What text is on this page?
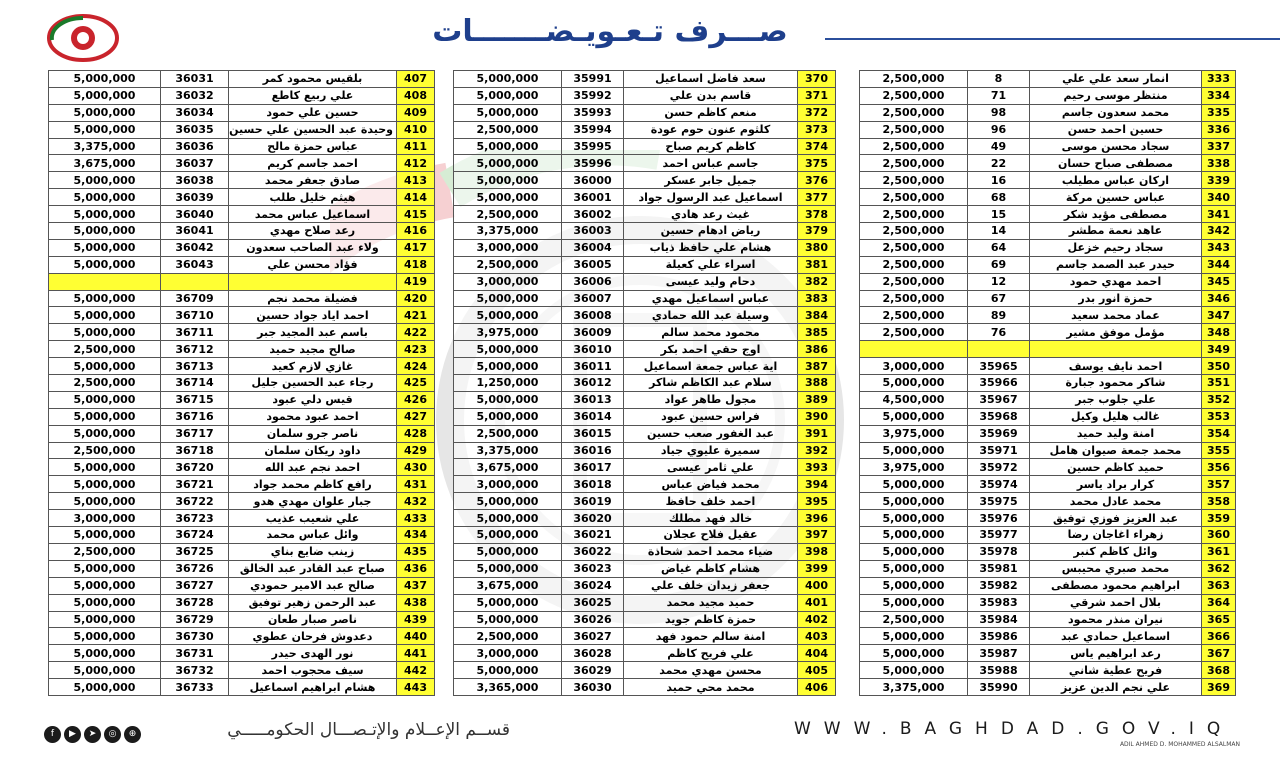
صـــرف تـعـويـضـــــــات
407	بلقيس محمود كمر	36031	5,000,000
408	علي ربيع كاطع	36032	5,000,000
409	حسين علي حمود	36034	5,000,000
410	وحيدة عبد الحسين علي حسين	36035	5,000,000
411	عباس حمزة مالح	36036	3,375,000
412	احمد جاسم كريم	36037	3,675,000
413	صادق جعفر محمد	36038	5,000,000
414	هيثم خليل طلب	36039	5,000,000
415	اسماعيل عباس محمد	36040	5,000,000
416	رعد صلاح مهدي	36041	5,000,000
417	ولاء عبد الصاحب سعدون	36042	5,000,000
418	فؤاد محسن علي	36043	5,000,000
419			
420	فضيلة محمد نجم	36709	5,000,000
421	احمد اياد جواد حسين	36710	5,000,000
422	باسم عبد المجيد جبر	36711	5,000,000
423	صالح مجيد حميد	36712	2,500,000
424	غازي لازم كعيد	36713	5,000,000
425	رجاء عبد الحسين جليل	36714	2,500,000
426	قيس دلي عبود	36715	5,000,000
427	احمد عبود محمود	36716	5,000,000
428	ناصر جرو سلمان	36717	5,000,000
429	داود ريكان سلمان	36718	2,500,000
430	احمد نجم عبد الله	36720	5,000,000
431	رافع كاظم محمد جواد	36721	5,000,000
432	جبار علوان مهدي هدو	36722	5,000,000
433	علي شعيب عذيب	36723	3,000,000
434	وائل عباس محمد	36724	5,000,000
435	زينب ضايع بناي	36725	2,500,000
436	صباح عبد القادر عبد الخالق	36726	5,000,000
437	صالح عبد الامير حمودي	36727	5,000,000
438	عبد الرحمن زهير توفيق	36728	5,000,000
439	ناصر صبار طعان	36729	5,000,000
440	دعدوش فرحان عطوي	36730	5,000,000
441	نور الهدى حيدر	36731	5,000,000
442	سيف محجوب احمد	36732	5,000,000
443	هشام ابراهيم اسماعيل	36733	5,000,000
370	سعد فاضل اسماعيل	35991	5,000,000
371	قاسم بدن علي	35992	5,000,000
372	منعم كاظم حسن	35993	5,000,000
373	كلثوم عنون حوم عودة	35994	2,500,000
374	كاظم كريم صباح	35995	5,000,000
375	جاسم عباس احمد	35996	5,000,000
376	جميل جابر عسكر	36000	5,000,000
377	اسماعيل عبد الرسول جواد	36001	5,000,000
378	غيث رعد هادي	36002	2,500,000
379	رياض ادهام حسين	36003	3,375,000
380	هشام علي حافظ ذياب	36004	3,000,000
381	اسراء علي كعيلة	36005	2,500,000
382	دحام وليد عيسى	36006	3,000,000
383	عباس اسماعيل مهدي	36007	5,000,000
384	وسيلة عبد الله حمادي	36008	5,000,000
385	محمود محمد سالم	36009	3,975,000
386	اوج حقي احمد بكر	36010	5,000,000
387	اية عباس جمعة اسماعيل	36011	5,000,000
388	سلام عبد الكاظم شاكر	36012	1,250,000
389	مجول طاهر عواد	36013	5,000,000
390	فراس حسين عبود	36014	5,000,000
391	عبد الغفور صعب حسين	36015	2,500,000
392	سميرة عليوي جياد	36016	3,375,000
393	علي ثامر عيسى	36017	3,675,000
394	محمد فياض عباس	36018	3,000,000
395	احمد خلف حافظ	36019	5,000,000
396	خالد فهد مطلك	36020	5,000,000
397	عقيل فلاح عجلان	36021	5,000,000
398	ضياء محمد احمد شحاذة	36022	5,000,000
399	هشام كاظم غياض	36023	5,000,000
400	جعفر زيدان خلف علي	36024	3,675,000
401	حميد مجيد محمد	36025	5,000,000
402	حمزة كاظم جويد	36026	5,000,000
403	امنة سالم حمود فهد	36027	2,500,000
404	علي فريح كاظم	36028	3,000,000
405	محسن مهدي محمد	36029	5,000,000
406	محمد محي حميد	36030	3,365,000
333	انمار سعد علي علي	8	2,500,000
334	منتظر موسى رحيم	71	2,500,000
335	محمد سعدون جاسم	98	2,500,000
336	حسين احمد حسن	96	2,500,000
337	سجاد محسن موسى	49	2,500,000
338	مصطفى صباح حسان	22	2,500,000
339	اركان عباس مطيلب	16	2,500,000
340	عباس حسين مركة	68	2,500,000
341	مصطفى مؤيد شكر	15	2,500,000
342	عاهد نعمة مطشر	14	2,500,000
343	سجاد رحيم خزعل	64	2,500,000
344	حيدر عبد الصمد جاسم	69	2,500,000
345	احمد مهدي حمود	12	2,500,000
346	حمزة انور بدر	67	2,500,000
347	عماد محمد سعيد	89	2,500,000
348	مؤمل موفق مشير	76	2,500,000
349			
350	احمد نايف يوسف	35965	3,000,000
351	شاكر محمود جبارة	35966	5,000,000
352	علي جلوب جبر	35967	4,500,000
353	غالب هليل وكيل	35968	5,000,000
354	امنة وليد حميد	35969	3,975,000
355	محمد جمعة صيوان هامل	35971	5,000,000
356	حميد كاظم حسين	35972	3,975,000
357	كرار براد ياسر	35974	5,000,000
358	محمد عادل محمد	35975	5,000,000
359	عبد العزيز فوزي توفيق	35976	5,000,000
360	زهراء اغاجان رضا	35977	5,000,000
361	وائل كاظم كنبر	35978	5,000,000
362	محمد صبري محيبس	35981	5,000,000
363	ابراهيم محمود مصطفى	35982	5,000,000
364	بلال احمد شرقي	35983	5,000,000
365	نيران منذر محمود	35984	2,500,000
366	اسماعيل حمادي عبد	35986	5,000,000
367	رعد ابراهيم ياس	35987	5,000,000
368	فريح عطية شاني	35988	5,000,000
369	علي نجم الدين عزيز	35990	3,375,000
f	▶	➤	◎	⊕	قســم الإعــلام والإتـصـــال الحكومـــــي	WWW.BAGHDAD.GOV.IQ
ADIL AHMED D. MOHAMMED ALSALMAN
